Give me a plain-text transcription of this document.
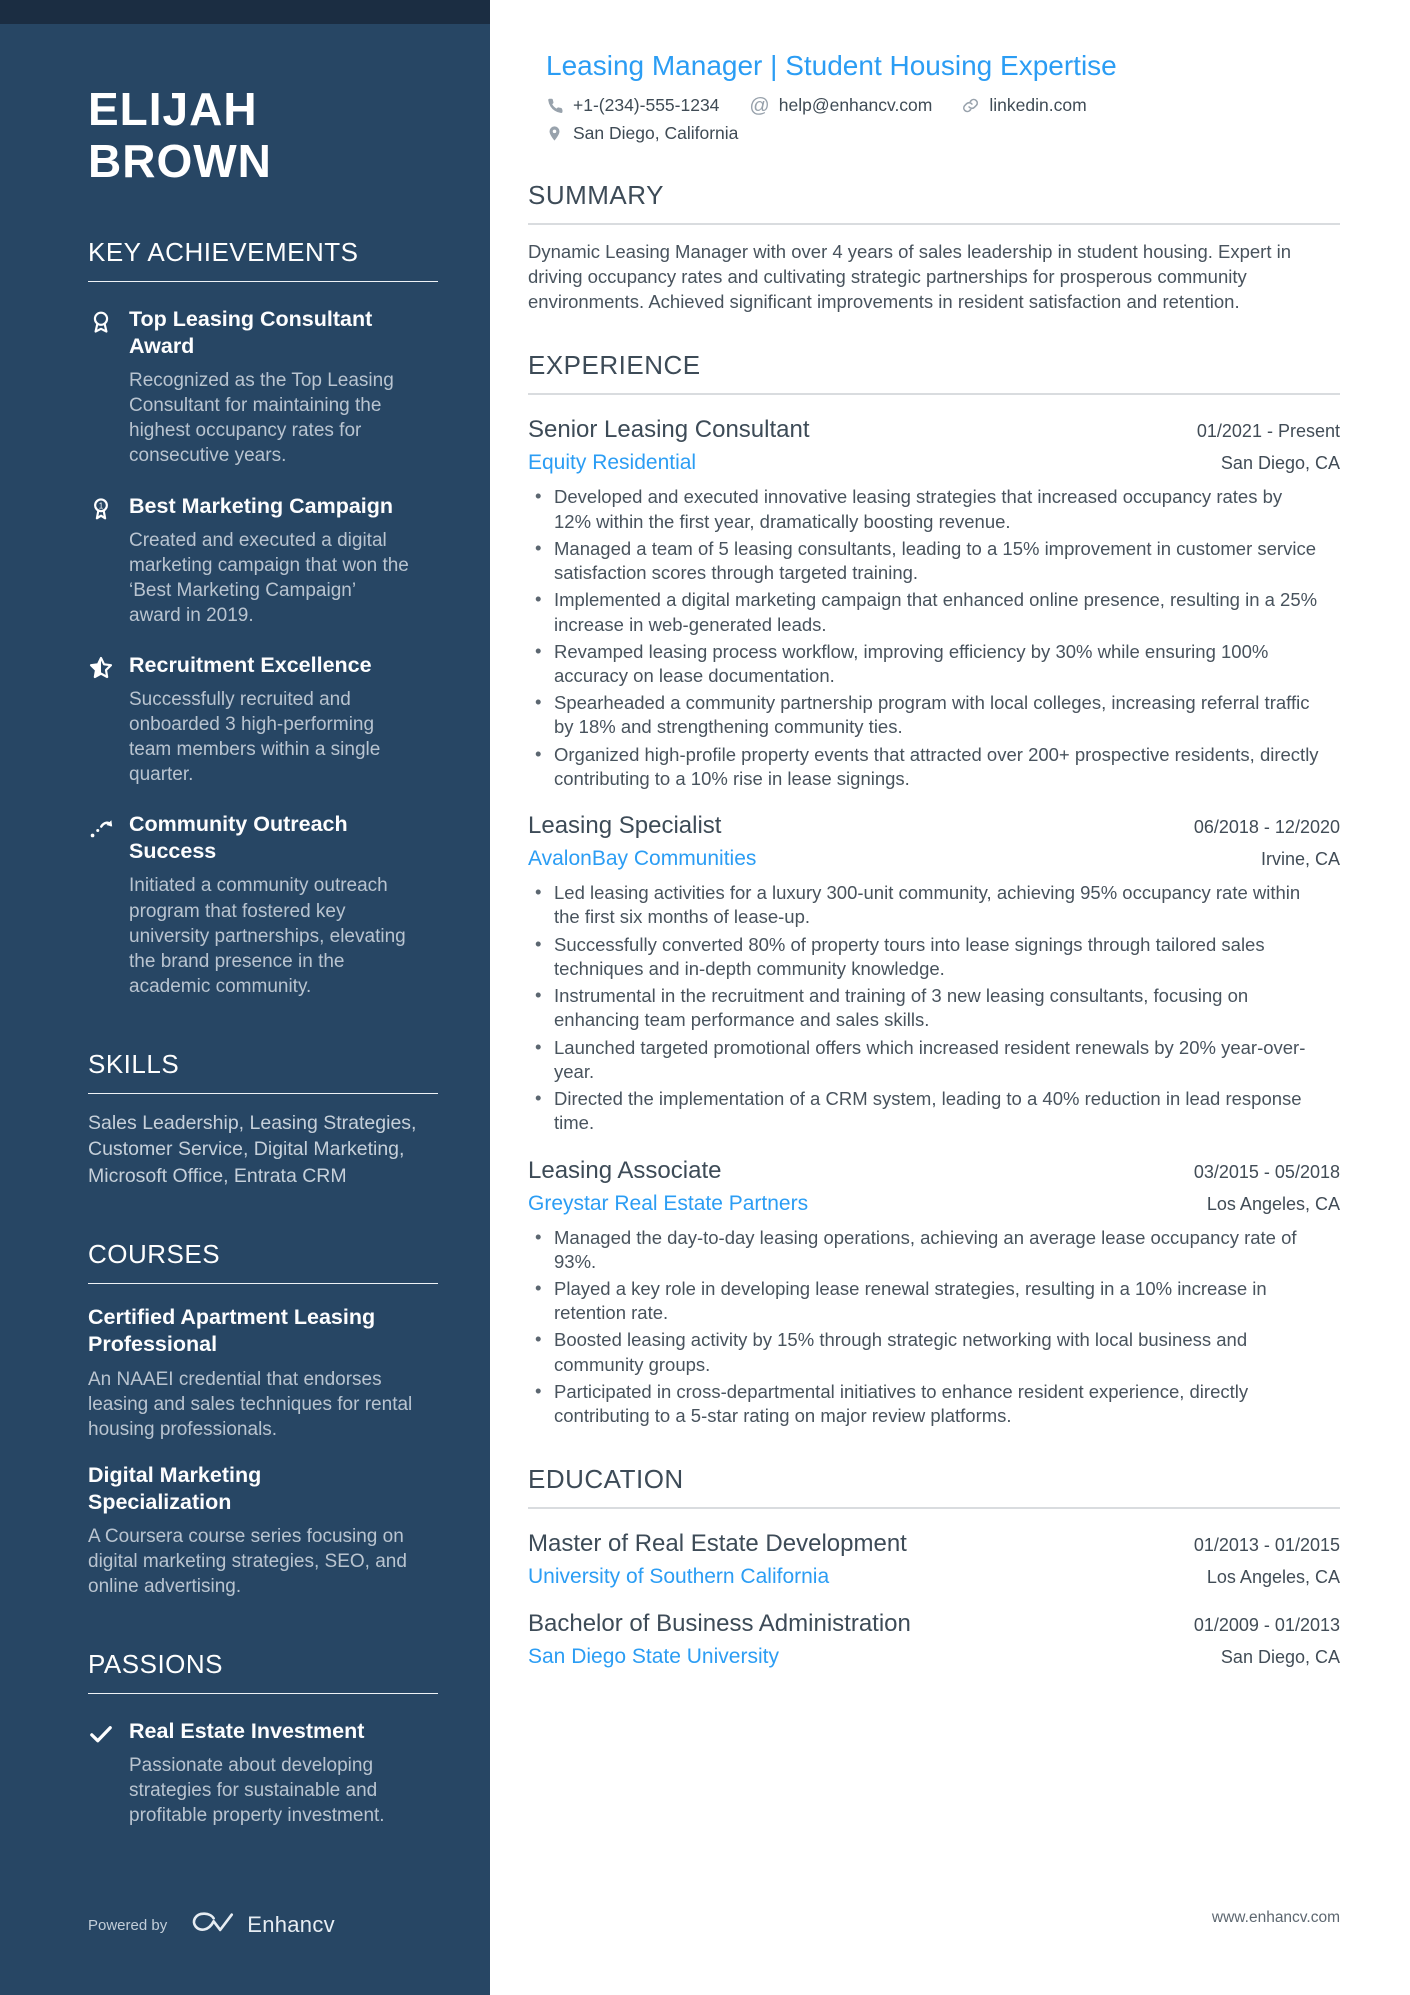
ELIJAH
BROWN
KEY ACHIEVEMENTS
Top Leasing Consultant Award
Recognized as the Top Leasing Consultant for maintaining the highest occupancy rates for consecutive years.
1 Best Marketing Campaign
Created and executed a digital marketing campaign that won the ‘Best Marketing Campaign’ award in 2019.
Recruitment Excellence
Successfully recruited and onboarded 3 high-performing team members within a single quarter.
Community Outreach Success
Initiated a community outreach program that fostered key university partnerships, elevating the brand presence in the academic community.
SKILLS

Sales Leadership, Leasing Strategies, Customer Service, Digital Marketing, Microsoft Office, Entrata CRM

COURSES
Certified Apartment Leasing Professional
An NAAEI credential that endorses leasing and sales techniques for rental housing professionals.
Digital Marketing Specialization
A Coursera course series focusing on digital marketing strategies, SEO, and online advertising.
PASSIONS
Real Estate Investment
Passionate about developing strategies for sustainable and profitable property investment.
Powered by	Enhancv
Leasing Manager | Student Housing Expertise
+1-(234)-555-1234 @	help@enhancv.com	linkedin.com
San Diego, California
SUMMARY

Dynamic Leasing Manager with over 4 years of sales leadership in student housing. Expert in driving occupancy rates and cultivating strategic partnerships for prosperous community environments. Achieved significant improvements in resident satisfaction and retention.

EXPERIENCE
Senior Leasing Consultant	01/2021 - Present
Equity Residential	San Diego, CA
• Developed and executed innovative leasing strategies that increased occupancy rates by 12% within the first year, dramatically boosting revenue.
• Managed a team of 5 leasing consultants, leading to a 15% improvement in customer service satisfaction scores through targeted training.
• Implemented a digital marketing campaign that enhanced online presence, resulting in a 25% increase in web-generated leads.
• Revamped leasing process workflow, improving efficiency by 30% while ensuring 100% accuracy on lease documentation.
• Spearheaded a community partnership program with local colleges, increasing referral traffic by 18% and strengthening community ties.
• Organized high-profile property events that attracted over 200+ prospective residents, directly contributing to a 10% rise in lease signings.
Leasing Specialist	06/2018 - 12/2020
AvalonBay Communities	Irvine, CA
• Led leasing activities for a luxury 300-unit community, achieving 95% occupancy rate within the first six months of lease-up.
• Successfully converted 80% of property tours into lease signings through tailored sales techniques and in-depth community knowledge.
• Instrumental in the recruitment and training of 3 new leasing consultants, focusing on enhancing team performance and sales skills.
• Launched targeted promotional offers which increased resident renewals by 20% year-over-year.
• Directed the implementation of a CRM system, leading to a 40% reduction in lead response time.
Leasing Associate	03/2015 - 05/2018
Greystar Real Estate Partners	Los Angeles, CA
• Managed the day-to-day leasing operations, achieving an average lease occupancy rate of 93%.
• Played a key role in developing lease renewal strategies, resulting in a 10% increase in retention rate.
• Boosted leasing activity by 15% through strategic networking with local business and community groups.
• Participated in cross-departmental initiatives to enhance resident experience, directly contributing to a 5-star rating on major review platforms.
EDUCATION
Master of Real Estate Development	01/2013 - 01/2015
University of Southern California	Los Angeles, CA
Bachelor of Business Administration	01/2009 - 01/2013
San Diego State University	San Diego, CA
www.enhancv.com
